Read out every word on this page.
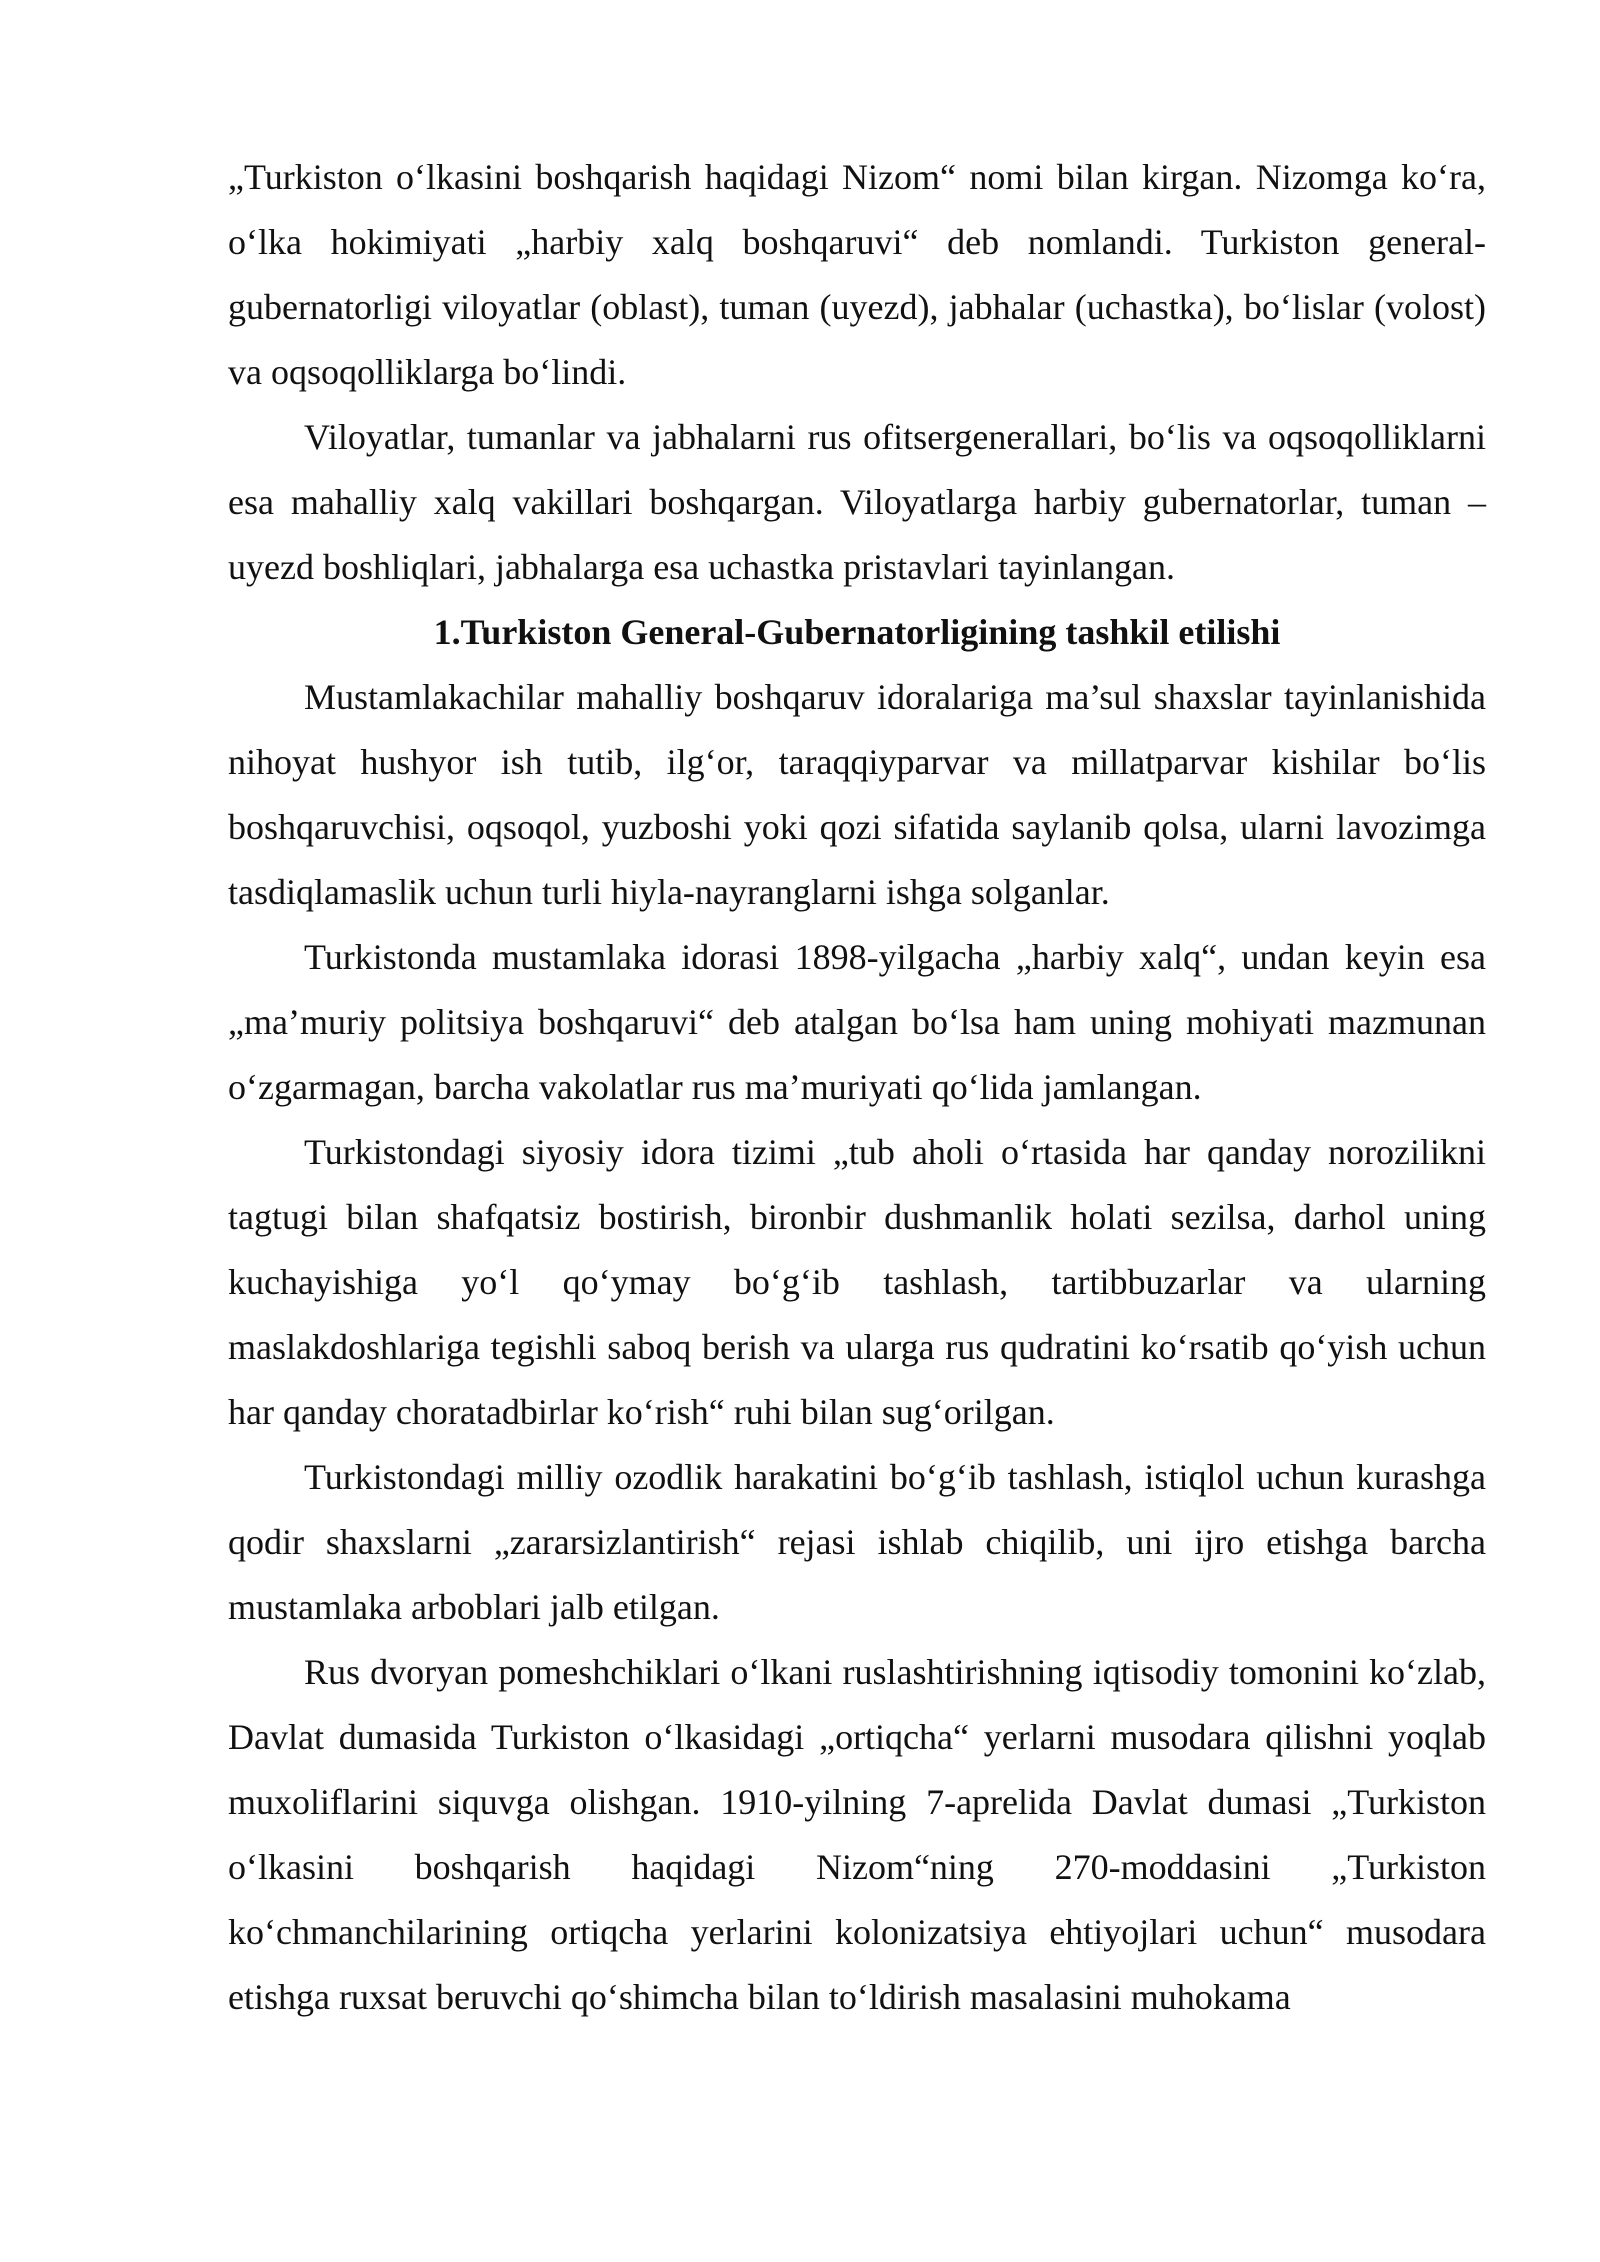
„Turkiston oʻlkasini boshqarish haqidagi Nizom“ nomi bilan kirgan. Nizomga koʻra, oʻlka hokimiyati „harbiy xalq boshqaruvi“ deb nomlandi. Turkiston general-gubernatorligi viloyatlar (oblast), tuman (uyezd), jabhalar (uchastka), boʻlislar (volost) va oqsoqolliklarga boʻlindi.

Viloyatlar, tumanlar va jabhalarni rus ofitsergenerallari, boʻlis va oqsoqolliklarni esa mahalliy xalq vakillari boshqargan. Viloyatlarga harbiy gubernatorlar, tuman – uyezd boshliqlari, jabhalarga esa uchastka pristavlari tayinlangan.

1.Turkiston General-Gubernatorligining tashkil etilishi

Mustamlakachilar mahalliy boshqaruv idoralariga ma’sul shaxslar tayinlanishida nihoyat hushyor ish tutib, ilgʻor, taraqqiyparvar va millatparvar kishilar boʻlis boshqaruvchisi, oqsoqol, yuzboshi yoki qozi sifatida saylanib qolsa, ularni lavozimga tasdiqlamaslik uchun turli hiyla-nayranglarni ishga solganlar.

Turkistonda mustamlaka idorasi 1898-yilgacha „harbiy xalq“, undan keyin esa „ma’muriy politsiya boshqaruvi“ deb atalgan boʻlsa ham uning mohiyati mazmunan oʻzgarmagan, barcha vakolatlar rus ma’muriyati qoʻlida jamlangan.

Turkistondagi siyosiy idora tizimi „tub aholi oʻrtasida har qanday norozilikni tagtugi bilan shafqatsiz bostirish, bironbir dushmanlik holati sezilsa, darhol uning kuchayishiga yoʻl qoʻymay boʻgʻib tashlash, tartibbuzarlar va ularning maslakdoshlariga tegishli saboq berish va ularga rus qudratini koʻrsatib qoʻyish uchun har qanday choratadbirlar koʻrish“ ruhi bilan sugʻorilgan.

Turkistondagi milliy ozodlik harakatini boʻgʻib tashlash, istiqlol uchun kurashga qodir shaxslarni „zararsizlantirish“ rejasi ishlab chiqilib, uni ijro etishga barcha mustamlaka arboblari jalb etilgan.

Rus dvoryan pomeshchiklari oʻlkani ruslashtirishning iqtisodiy tomonini koʻzlab, Davlat dumasida Turkiston oʻlkasidagi „ortiqcha“ yerlarni musodara qilishni yoqlab muxoliflarini siquvga olishgan. 1910-yilning 7-aprelida Davlat dumasi „Turkiston oʻlkasini boshqarish haqidagi Nizom“ning 270-moddasini „Turkiston koʻchmanchilarining ortiqcha yerlarini kolonizatsiya ehtiyojlari uchun“ musodara etishga ruxsat beruvchi qoʻshimcha bilan toʻldirish masalasini muhokama
